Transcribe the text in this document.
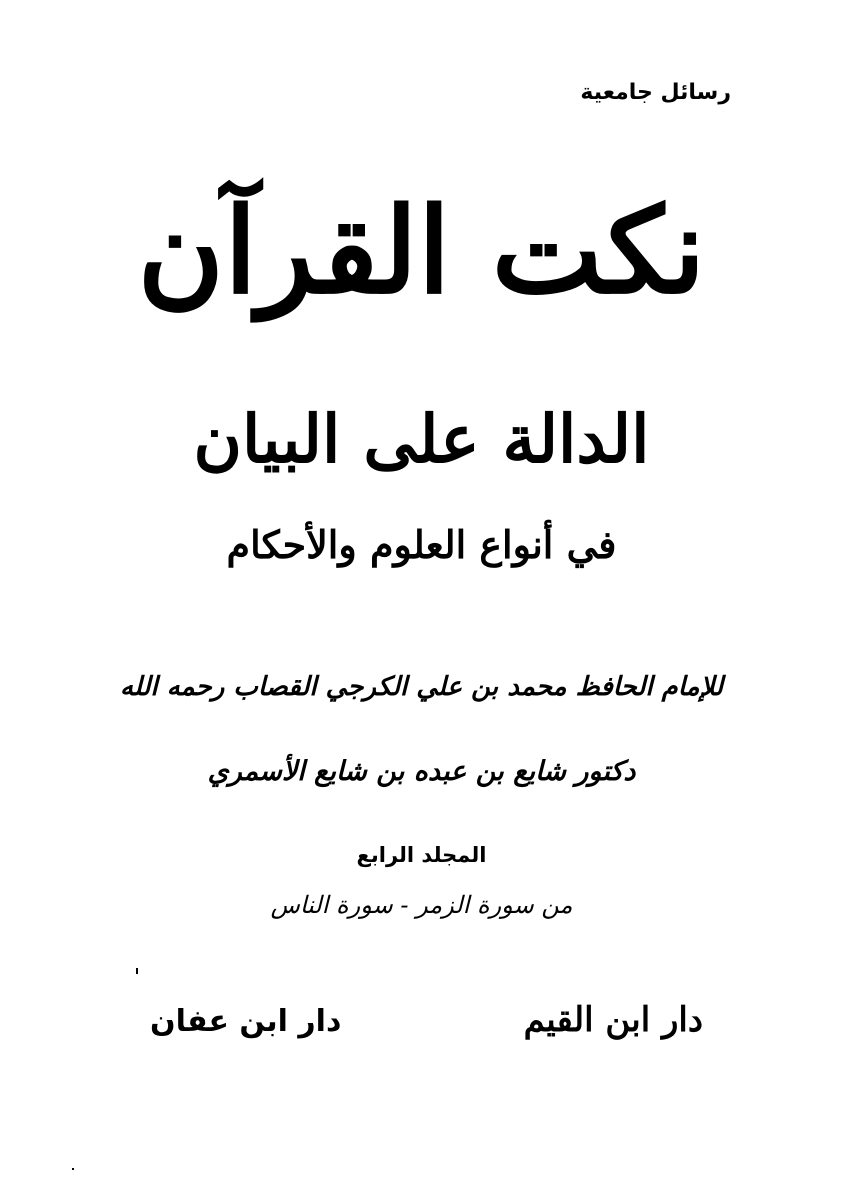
رسائل جامعية
نكت القرآن
الدالة على البيان
في أنواع العلوم والأحكام
للإمام الحافظ محمد بن علي الكرجي القصاب رحمه الله
دكتور شايع بن عبده بن شايع الأسمري
المجلد الرابع
من سورة الزمر - سورة الناس
دار ابن القيم
دار ابن عفان
